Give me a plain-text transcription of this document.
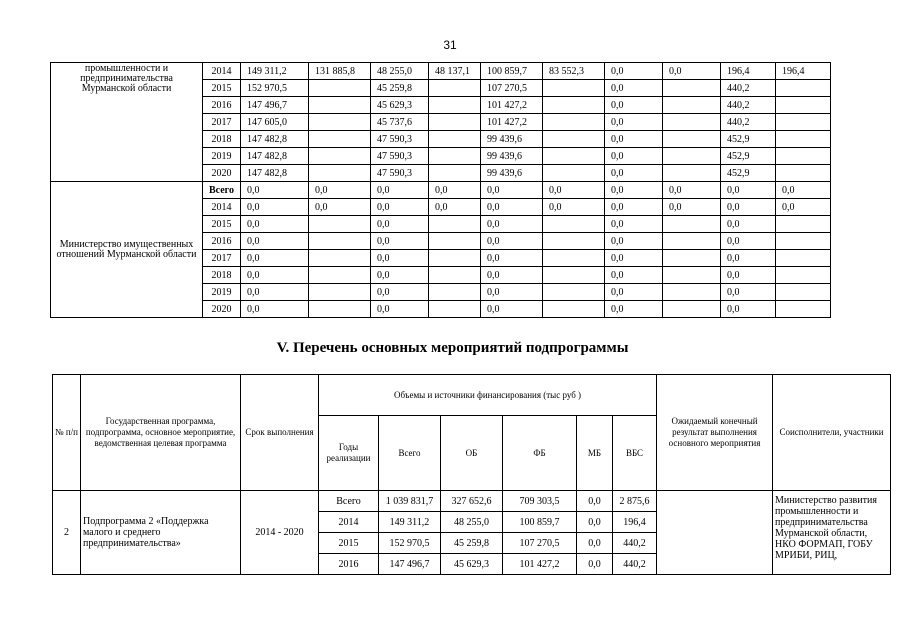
31
промышленности и предпринимательства Мурманской области	2014	149 311,2	131 885,8	48 255,0	48 137,1	100 859,7	83 552,3	0,0	0,0	196,4	196,4
	2015	152 970,5		45 259,8		107 270,5		0,0		440,2	
	2016	147 496,7		45 629,3		101 427,2		0,0		440,2	
	2017	147 605,0		45 737,6		101 427,2		0,0		440,2	
	2018	147 482,8		47 590,3		99 439,6		0,0		452,9	
	2019	147 482,8		47 590,3		99 439,6		0,0		452,9	
	2020	147 482,8		47 590,3		99 439,6		0,0		452,9	
Министерство имущественных отношений Мурманской области	Всего	0,0	0,0	0,0	0,0	0,0	0,0	0,0	0,0	0,0	0,0
	2014	0,0	0,0	0,0	0,0	0,0	0,0	0,0	0,0	0,0	0,0
	2015	0,0		0,0		0,0		0,0		0,0	
	2016	0,0		0,0		0,0		0,0		0,0	
	2017	0,0		0,0		0,0		0,0		0,0	
	2018	0,0		0,0		0,0		0,0		0,0	
	2019	0,0		0,0		0,0		0,0		0,0	
	2020	0,0		0,0		0,0		0,0		0,0	
V. Перечень основных мероприятий подпрограммы
№ п/п	Государственная программа, подпрограмма, основное мероприятие, ведомственная целевая программа	Срок выполнения	Объемы и источники финансирования (тыс руб )						Ожидаемый конечный результат выполнения основного мероприятия	Соисполнители, участники
			Годы реализации	Всего	ОБ	ФБ	МБ	ВБС		
2	Подпрограмма 2 «Поддержка малого и среднего предпринимательства»	2014 - 2020	Всего	1 039 831,7	327 652,6	709 303,5	0,0	2 875,6		Министерство развития промышленности и предпринимательства Мурманской области, НКО ФОРМАП, ГОБУ МРИБИ, РИЦ,
			2014	149 311,2	48 255,0	100 859,7	0,0	196,4		
			2015	152 970,5	45 259,8	107 270,5	0,0	440,2		
			2016	147 496,7	45 629,3	101 427,2	0,0	440,2		
